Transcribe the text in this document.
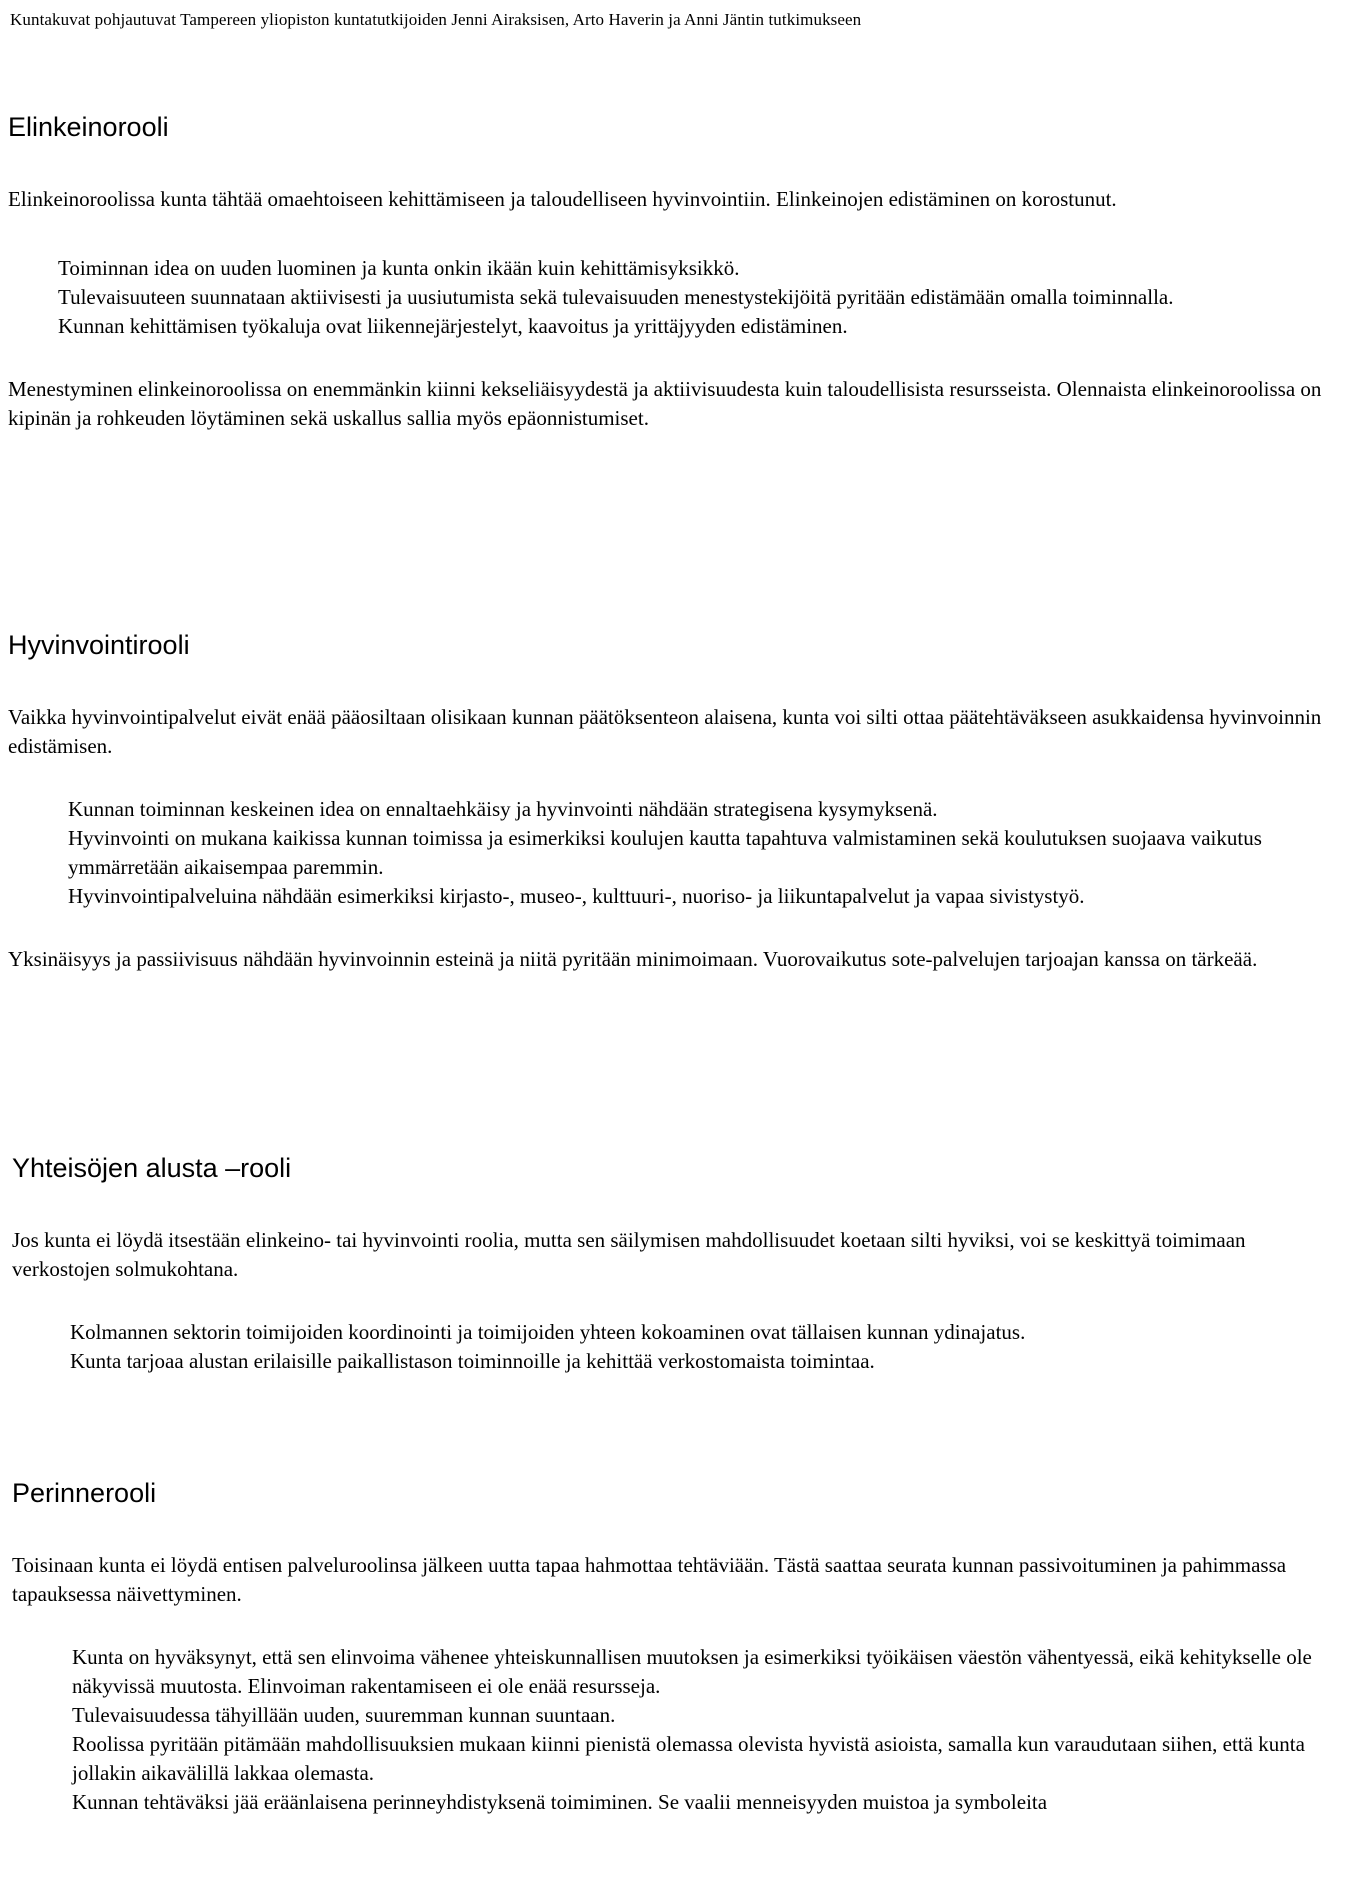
Kuntakuvat pohjautuvat Tampereen yliopiston kuntatutkijoiden Jenni Airaksisen, Arto Haverin ja Anni Jäntin tutkimukseen
Elinkeinorooli

Elinkeinoroolissa kunta tähtää omaehtoiseen kehittämiseen ja taloudelliseen hyvinvointiin. Elinkeinojen edistäminen on korostunut.

Toiminnan idea on uuden luominen ja kunta onkin ikään kuin kehittämisyksikkö.
Tulevaisuuteen suunnataan aktiivisesti ja uusiutumista sekä tulevaisuuden menestystekijöitä pyritään edistämään omalla toiminnalla.
Kunnan kehittämisen työkaluja ovat liikennejärjestelyt, kaavoitus ja yrittäjyyden edistäminen.

Menestyminen elinkeinoroolissa on enemmänkin kiinni kekseliäisyydestä ja aktiivisuudesta kuin taloudellisista resursseista. Olennaista elinkeinoroolissa on kipinän ja rohkeuden löytäminen sekä uskallus sallia myös epäonnistumiset.

Hyvinvointirooli

Vaikka hyvinvointipalvelut eivät enää pääosiltaan olisikaan kunnan päätöksenteon alaisena, kunta voi silti ottaa päätehtäväkseen asukkaidensa hyvinvoinnin edistämisen.

Kunnan toiminnan keskeinen idea on ennaltaehkäisy ja hyvinvointi nähdään strategisena kysymyksenä.
Hyvinvointi on mukana kaikissa kunnan toimissa ja esimerkiksi koulujen kautta tapahtuva valmistaminen sekä koulutuksen suojaava vaikutus ymmärretään aikaisempaa paremmin.
Hyvinvointipalveluina nähdään esimerkiksi kirjasto-, museo-, kulttuuri-, nuoriso- ja liikuntapalvelut ja vapaa sivistystyö.

Yksinäisyys ja passiivisuus nähdään hyvinvoinnin esteinä ja niitä pyritään minimoimaan. Vuorovaikutus sote-palvelujen tarjoajan kanssa on tärkeää.

Yhteisöjen alusta –rooli

Jos kunta ei löydä itsestään elinkeino- tai hyvinvointi roolia, mutta sen säilymisen mahdollisuudet koetaan silti hyviksi, voi se keskittyä toimimaan verkostojen solmukohtana.

Kolmannen sektorin toimijoiden koordinointi ja toimijoiden yhteen kokoaminen ovat tällaisen kunnan ydinajatus.
Kunta tarjoaa alustan erilaisille paikallistason toiminnoille ja kehittää verkostomaista toimintaa.
Perinnerooli

Toisinaan kunta ei löydä entisen palveluroolinsa jälkeen uutta tapaa hahmottaa tehtäviään. Tästä saattaa seurata kunnan passivoituminen ja pahimmassa tapauksessa näivettyminen.

Kunta on hyväksynyt, että sen elinvoima vähenee yhteiskunnallisen muutoksen ja esimerkiksi työikäisen väestön vähentyessä, eikä kehitykselle ole näkyvissä muutosta. Elinvoiman rakentamiseen ei ole enää resursseja.
Tulevaisuudessa tähyillään uuden, suuremman kunnan suuntaan.
Roolissa pyritään pitämään mahdollisuuksien mukaan kiinni pienistä olemassa olevista hyvistä asioista, samalla kun varaudutaan siihen, että kunta jollakin aikavälillä lakkaa olemasta.
Kunnan tehtäväksi jää eräänlaisena perinneyhdistyksenä toimiminen. Se vaalii menneisyyden muistoa ja symboleita
